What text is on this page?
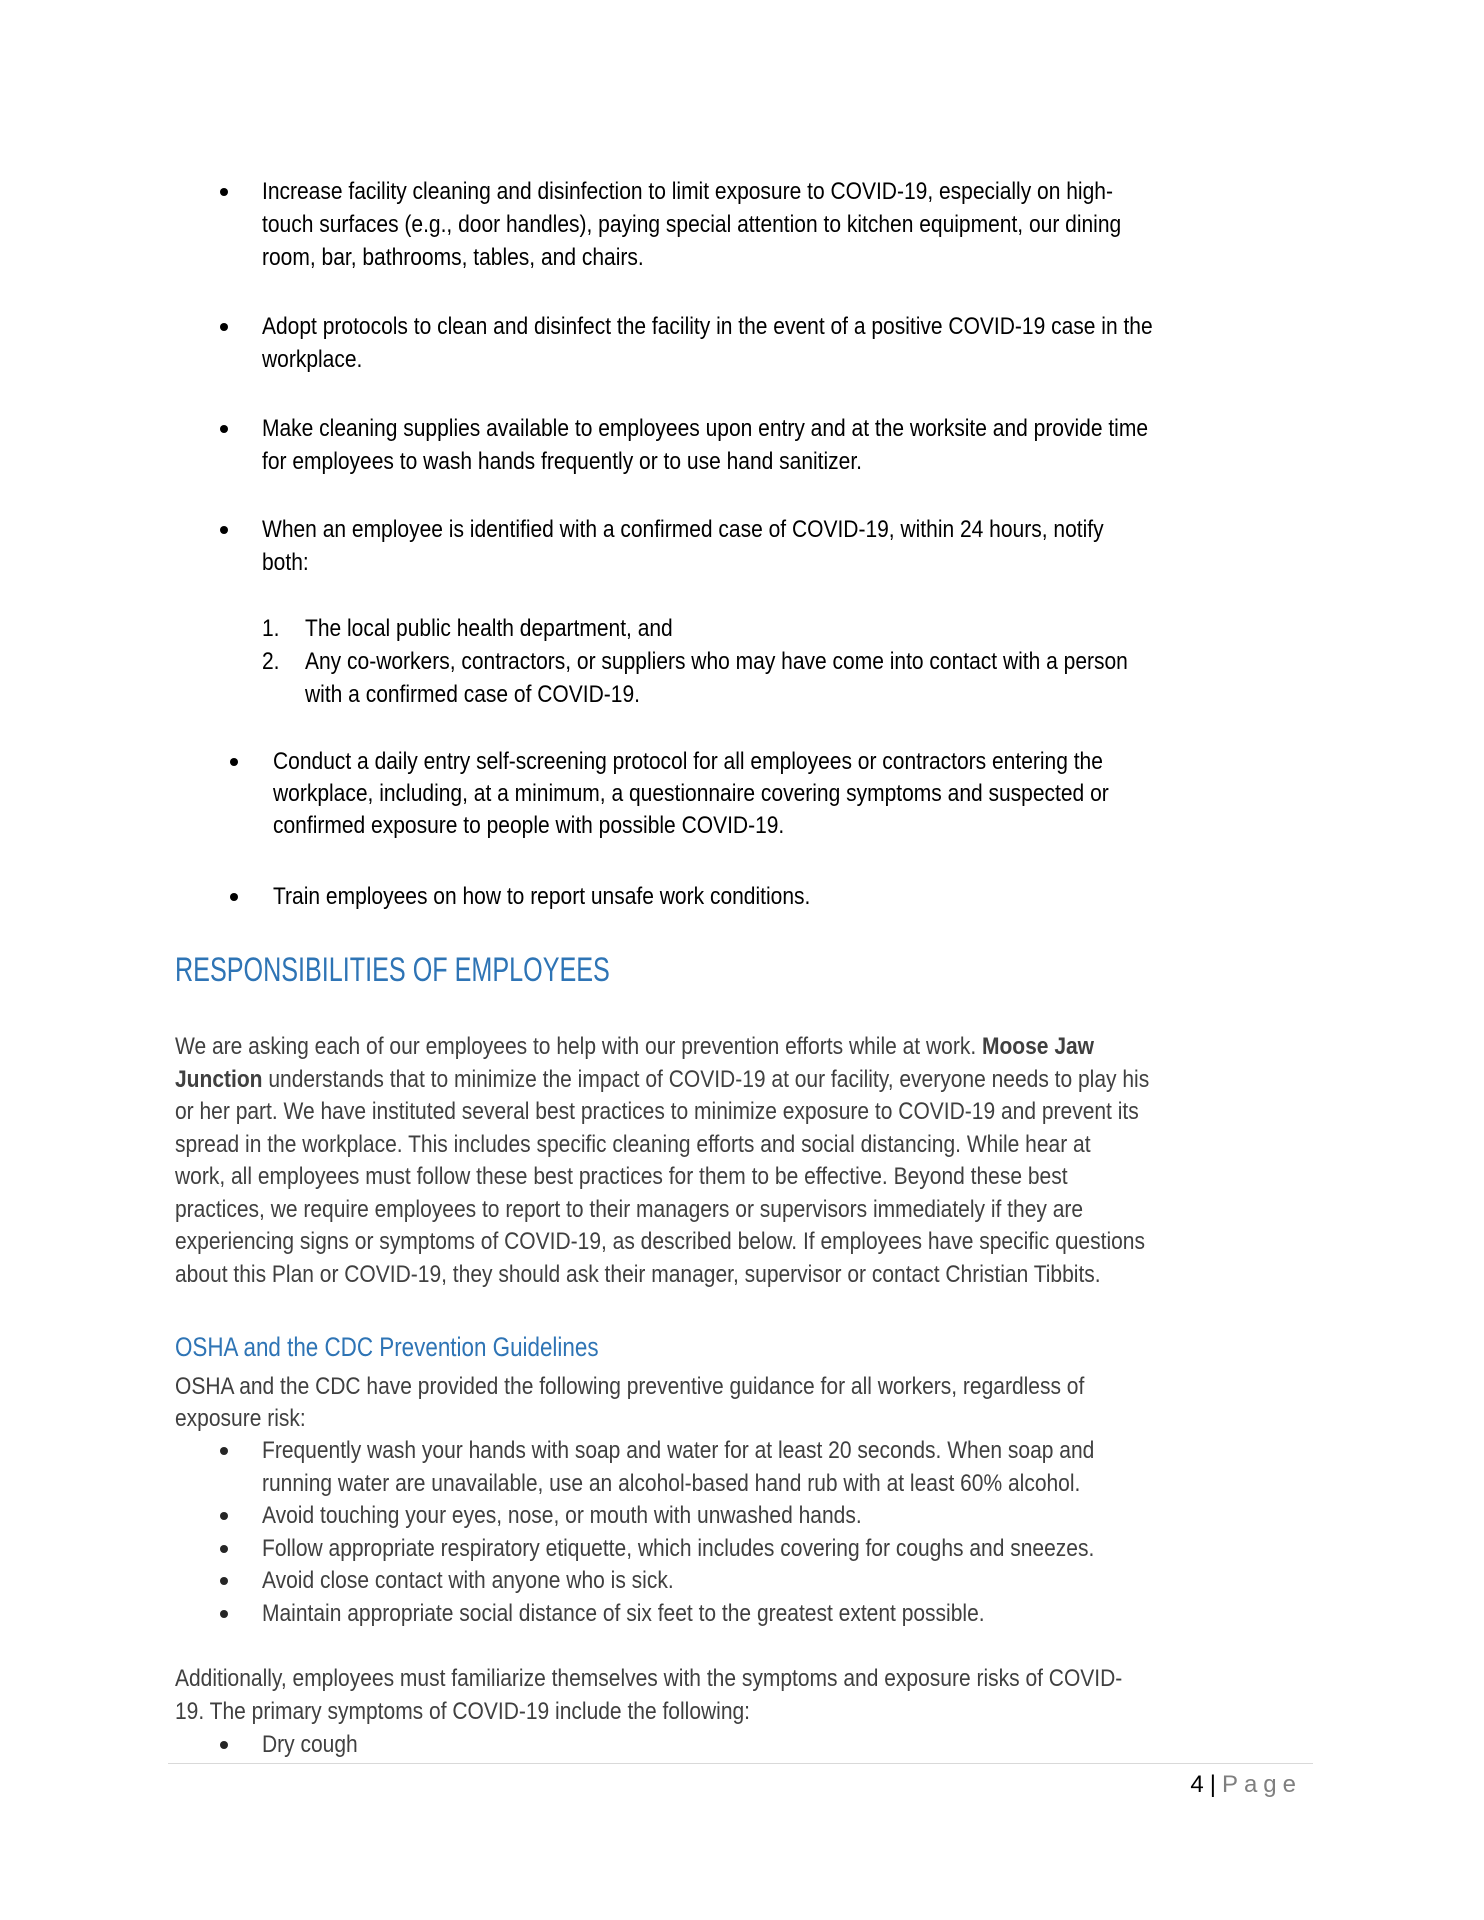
Increase facility cleaning and disinfection to limit exposure to COVID-19, especially on high-
touch surfaces (e.g., door handles), paying special attention to kitchen equipment, our dining
room, bar, bathrooms, tables, and chairs.
Adopt protocols to clean and disinfect the facility in the event of a positive COVID-19 case in the
workplace.
Make cleaning supplies available to employees upon entry and at the worksite and provide time
for employees to wash hands frequently or to use hand sanitizer.
When an employee is identified with a confirmed case of COVID-19, within 24 hours, notify
both:
1. The local public health department, and
2. Any co-workers, contractors, or suppliers who may have come into contact with a person
with a confirmed case of COVID-19.
Conduct a daily entry self-screening protocol for all employees or contractors entering the
workplace, including, at a minimum, a questionnaire covering symptoms and suspected or
confirmed exposure to people with possible COVID-19.
Train employees on how to report unsafe work conditions.
RESPONSIBILITIES OF EMPLOYEES
We are asking each of our employees to help with our prevention efforts while at work. Moose Jaw
Junction understands that to minimize the impact of COVID-19 at our facility, everyone needs to play his
or her part. We have instituted several best practices to minimize exposure to COVID-19 and prevent its
spread in the workplace. This includes specific cleaning efforts and social distancing. While hear at
work, all employees must follow these best practices for them to be effective. Beyond these best
practices, we require employees to report to their managers or supervisors immediately if they are
experiencing signs or symptoms of COVID-19, as described below. If employees have specific questions
about this Plan or COVID-19, they should ask their manager, supervisor or contact Christian Tibbits.
OSHA and the CDC Prevention Guidelines
OSHA and the CDC have provided the following preventive guidance for all workers, regardless of
exposure risk:
Frequently wash your hands with soap and water for at least 20 seconds. When soap and
running water are unavailable, use an alcohol-based hand rub with at least 60% alcohol.
Avoid touching your eyes, nose, or mouth with unwashed hands.
Follow appropriate respiratory etiquette, which includes covering for coughs and sneezes.
Avoid close contact with anyone who is sick.
Maintain appropriate social distance of six feet to the greatest extent possible.
Additionally, employees must familiarize themselves with the symptoms and exposure risks of COVID-
19. The primary symptoms of COVID-19 include the following:
Dry cough
4 | Page
